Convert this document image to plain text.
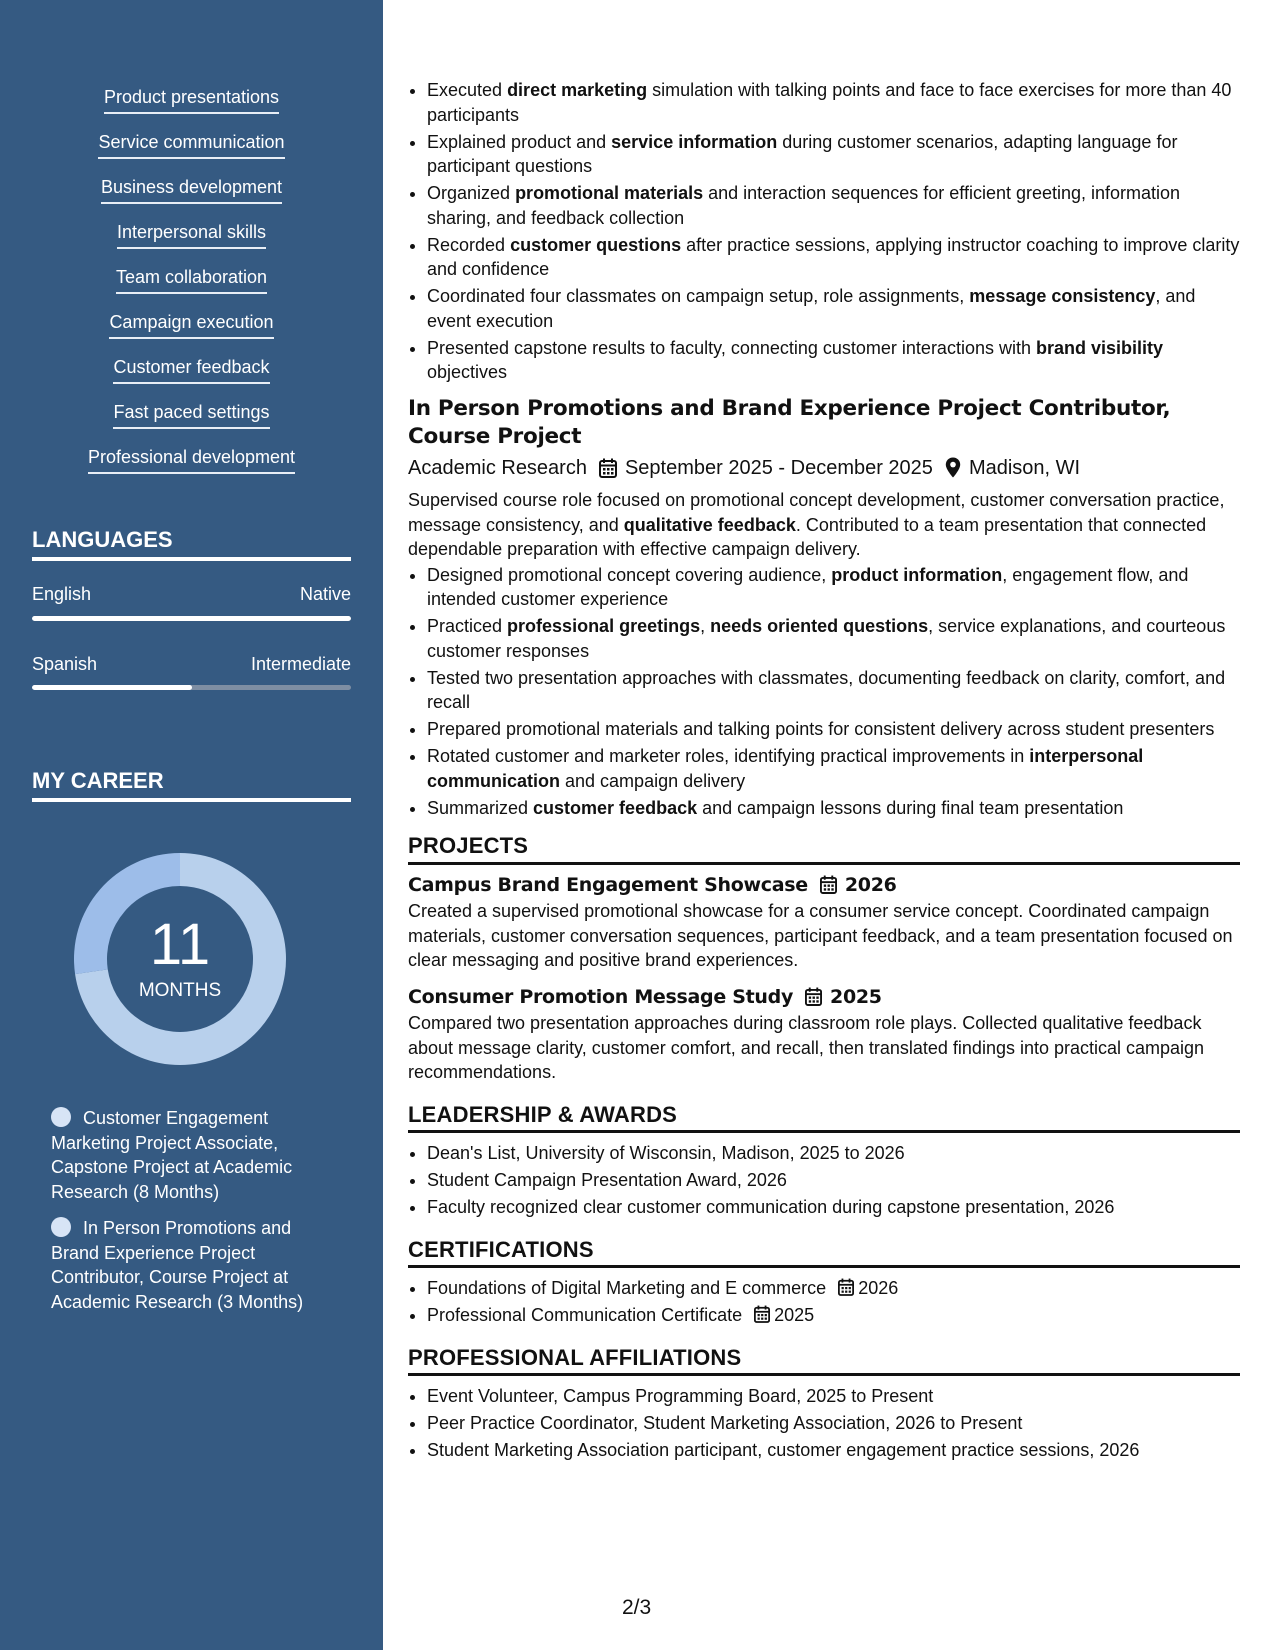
Product presentations
Service communication
Business development
Interpersonal skills
Team collaboration
Campaign execution
Customer feedback
Fast paced settings
Professional development
LANGUAGES
English	Native
Spanish	Intermediate
MY CAREER
11
MONTHS
Customer Engagement Marketing Project Associate, Capstone Project at Academic Research (8 Months)
In Person Promotions and Brand Experience Project Contributor, Course Project at Academic Research (3 Months)
• Executed direct marketing simulation with talking points and face to face exercises for more than 40 participants
• Explained product and service information during customer scenarios, adapting language for participant questions
• Organized promotional materials and interaction sequences for efficient greeting, information sharing, and feedback collection
• Recorded customer questions after practice sessions, applying instructor coaching to improve clarity and confidence
• Coordinated four classmates on campaign setup, role assignments, message consistency, and event execution
• Presented capstone results to faculty, connecting customer interactions with brand visibility objectives
In Person Promotions and Brand Experience Project Contributor, Course Project
Academic Research September 2025 - December 2025 Madison, WI
Supervised course role focused on promotional concept development, customer conversation practice, message consistency, and qualitative feedback. Contributed to a team presentation that connected dependable preparation with effective campaign delivery.
• Designed promotional concept covering audience, product information, engagement flow, and intended customer experience
• Practiced professional greetings, needs oriented questions, service explanations, and courteous customer responses
• Tested two presentation approaches with classmates, documenting feedback on clarity, comfort, and recall
• Prepared promotional materials and talking points for consistent delivery across student presenters
• Rotated customer and marketer roles, identifying practical improvements in interpersonal communication and campaign delivery
• Summarized customer feedback and campaign lessons during final team presentation
PROJECTS
Campus Brand Engagement Showcase 2026
Created a supervised promotional showcase for a consumer service concept. Coordinated campaign materials, customer conversation sequences, participant feedback, and a team presentation focused on clear messaging and positive brand experiences.
Consumer Promotion Message Study 2025
Compared two presentation approaches during classroom role plays. Collected qualitative feedback about message clarity, customer comfort, and recall, then translated findings into practical campaign recommendations.
LEADERSHIP & AWARDS
• Dean's List, University of Wisconsin, Madison, 2025 to 2026
• Student Campaign Presentation Award, 2026
• Faculty recognized clear customer communication during capstone presentation, 2026
CERTIFICATIONS
• Foundations of Digital Marketing and E commerce 2026
• Professional Communication Certificate 2025
PROFESSIONAL AFFILIATIONS
• Event Volunteer, Campus Programming Board, 2025 to Present
• Peer Practice Coordinator, Student Marketing Association, 2026 to Present
• Student Marketing Association participant, customer engagement practice sessions, 2026
2/3
